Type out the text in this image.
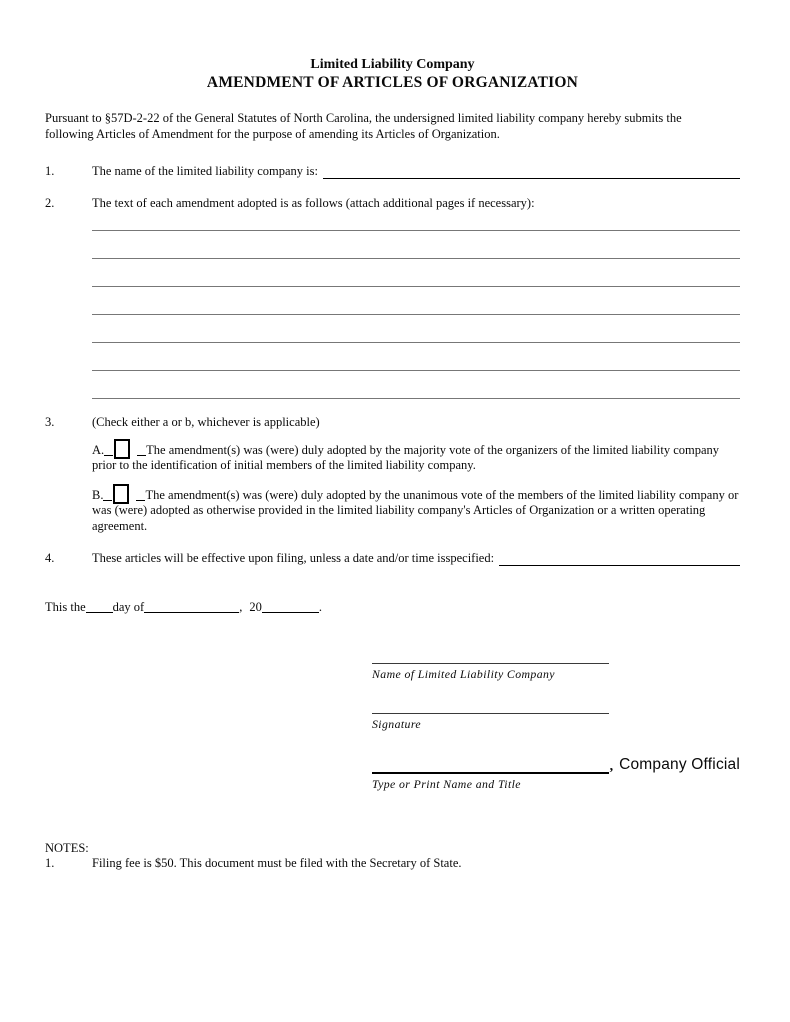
Limited Liability Company
AMENDMENT OF ARTICLES OF ORGANIZATION

Pursuant to §57D-2-22 of the General Statutes of North Carolina, the undersigned limited liability company hereby submits the following Articles of Amendment for the purpose of amending its Articles of Organization.

1.	The name of the limited liability company is:
2.	The text of each amendment adopted is as follows (attach additional pages if necessary):
3.	(Check either a or b, whichever is applicable)
A.	The amendment(s) was (were) duly adopted by the majority vote of the organizers of the limited liability company prior to the identification of initial members of the limited liability company.
B.	The amendment(s) was (were) duly adopted by the unanimous vote of the members of the limited liability company or was (were) adopted as otherwise provided in the limited liability company's Articles of Organization or a written operating agreement.
4.	These articles will be effective upon filing, unless a date and/or time isspecified:
This the day of	, 20	.
Name of Limited Liability Company
Signature
, Company Official
Type or Print Name and Title
NOTES:
1.	Filing fee is $50. This document must be filed with the Secretary of State.
